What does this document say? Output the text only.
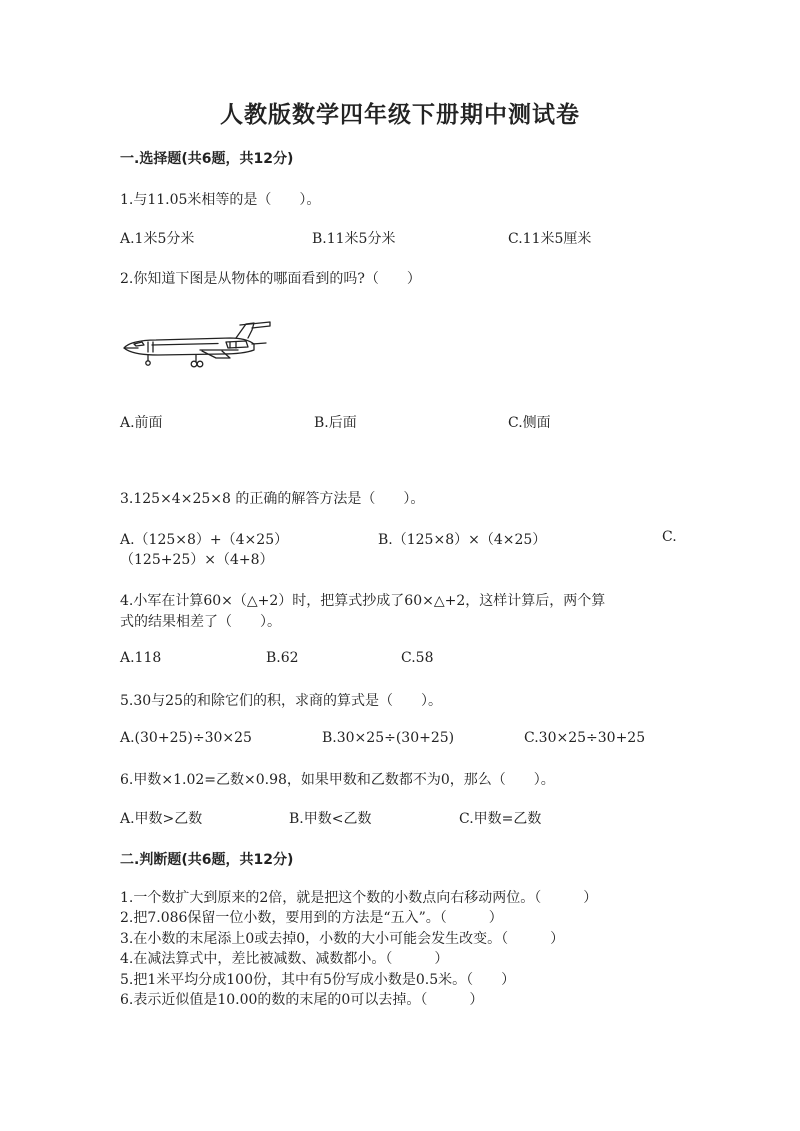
人教版数学四年级下册期中测试卷
一.选择题(共6题，共12分)
1.与11.05米相等的是（　　）。
A.1米5分米	B.11米5分米	C.11米5厘米
2.你知道下图是从物体的哪面看到的吗?（　　）
A.前面	B.后面	C.侧面
3.125×4×25×8 的正确的解答方法是（　　）。
A.（125×8）+（4×25）	B.（125×8）×（4×25）	C.
（125+25）×（4+8）
4.小军在计算60×（△+2）时，把算式抄成了60×△+2，这样计算后，两个算
式的结果相差了（　　）。
A.118	B.62	C.58
5.30与25的和除它们的积，求商的算式是（　　）。
A.(30+25)÷30×25	B.30×25÷(30+25)	C.30×25÷30+25
6.甲数×1.02=乙数×0.98，如果甲数和乙数都不为0，那么（　　）。
A.甲数>乙数	B.甲数<乙数	C.甲数=乙数
二.判断题(共6题，共12分)
1.一个数扩大到原来的2倍，就是把这个数的小数点向右移动两位。（　　　）
2.把7.086保留一位小数，要用到的方法是“五入”。（　　　）
3.在小数的末尾添上0或去掉0，小数的大小可能会发生改变。（　　　）
4.在减法算式中，差比被减数、减数都小。（　　　）
5.把1米平均分成100份，其中有5份写成小数是0.5米。（　　）
6.表示近似值是10.00的数的末尾的0可以去掉。（　　　）
